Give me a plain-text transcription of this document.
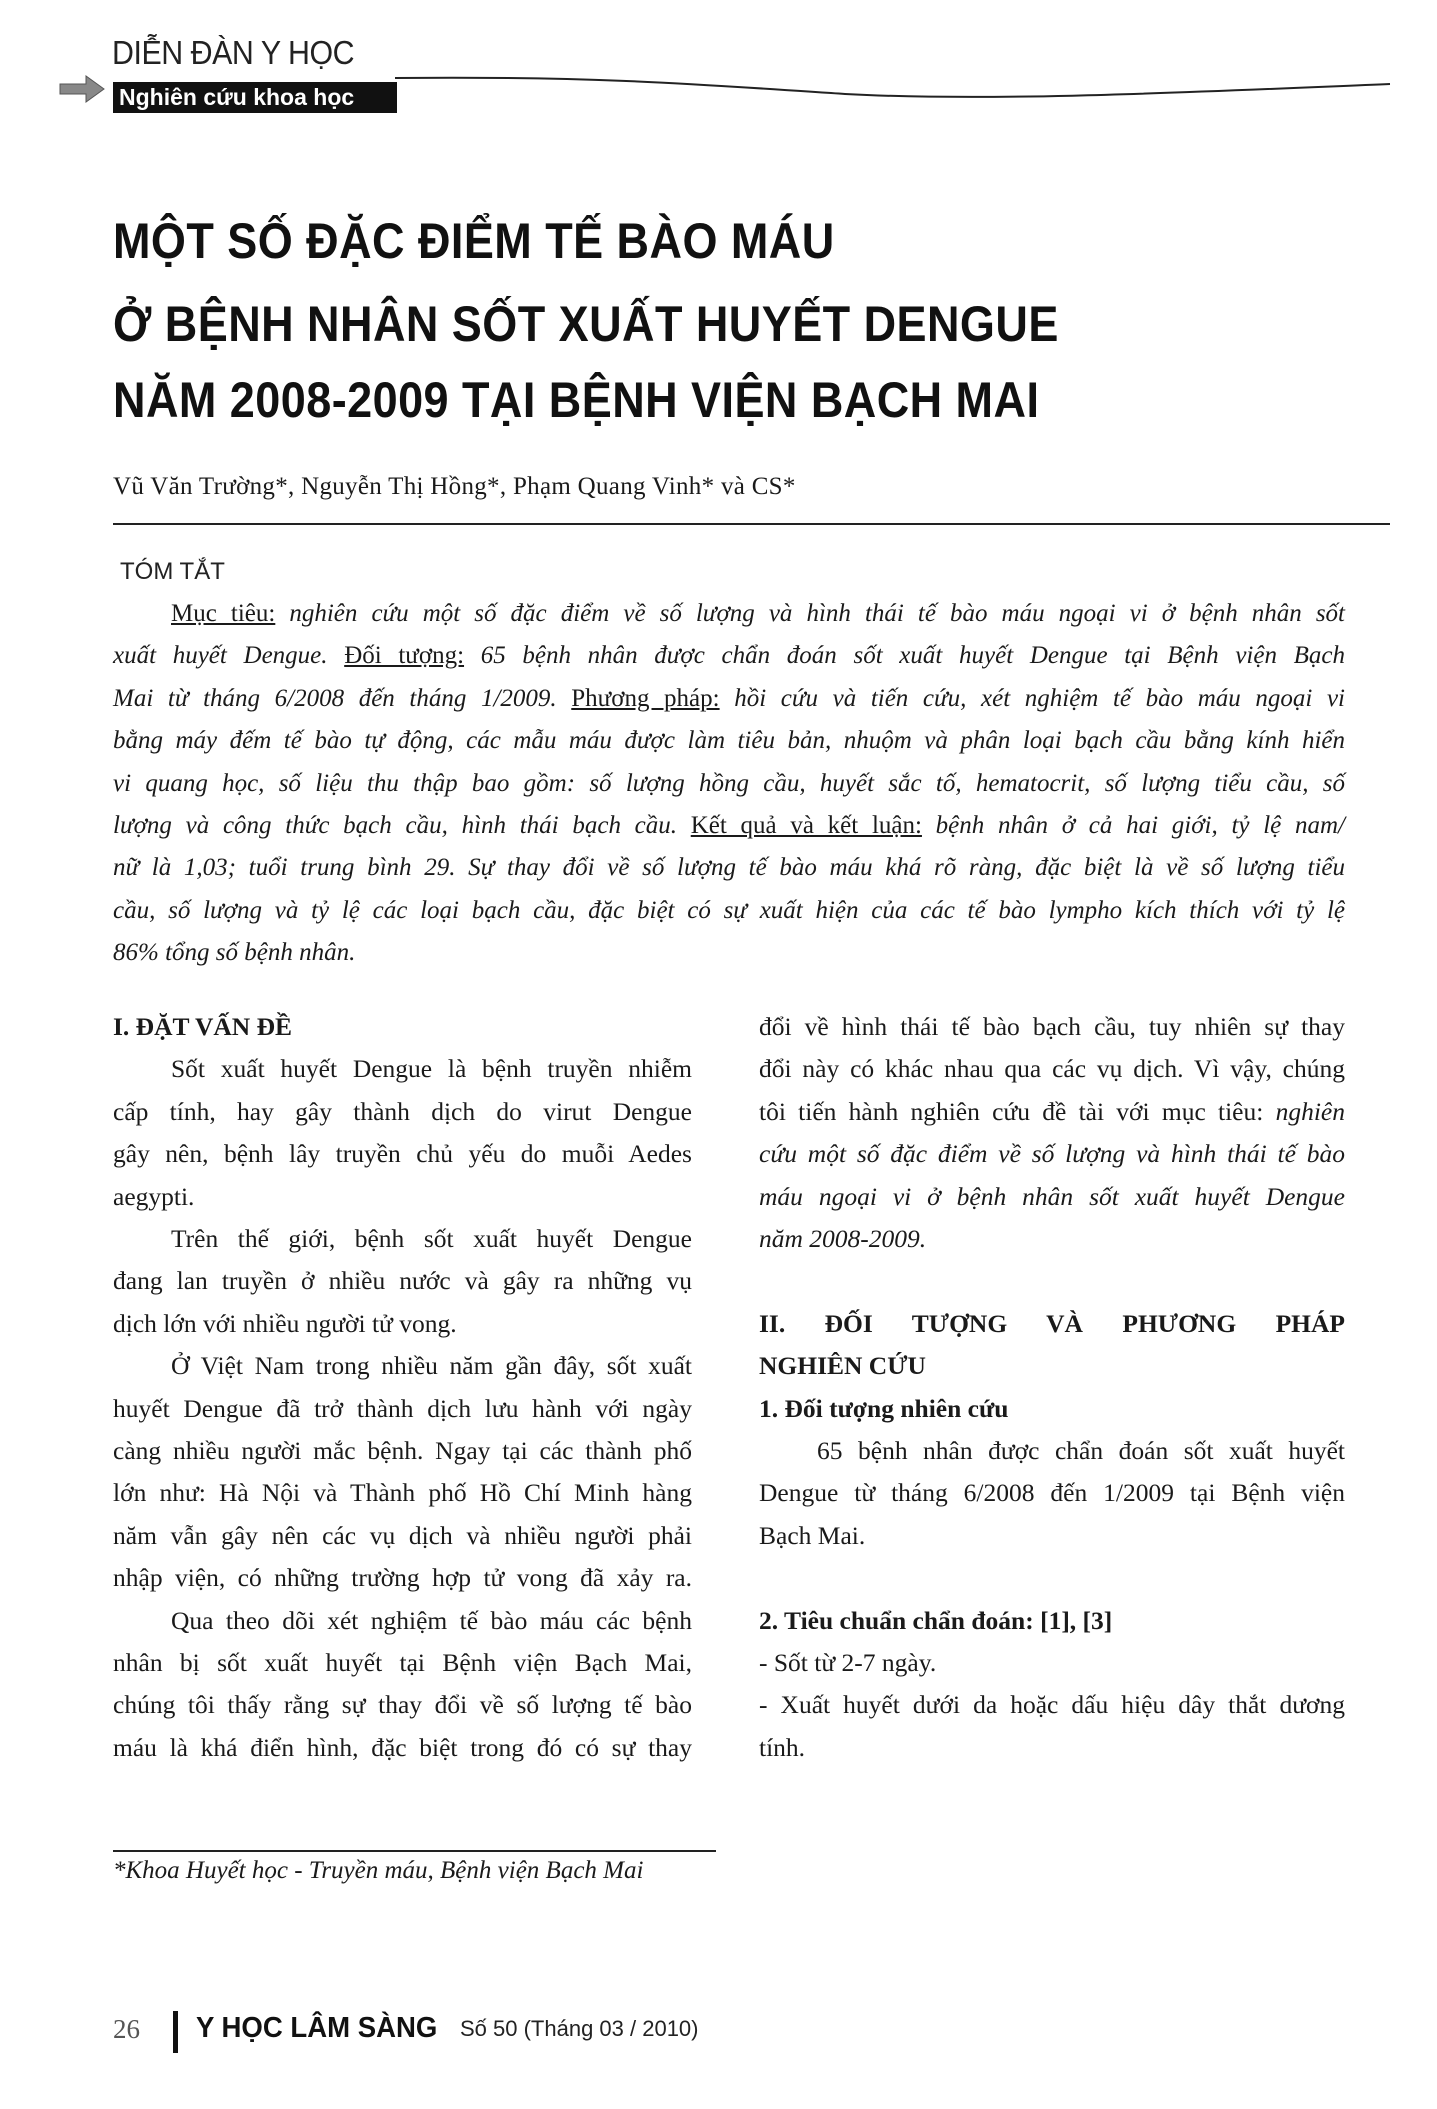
DIỄN ĐÀN Y HỌC
Nghiên cứu khoa học
MỘT SỐ ĐẶC ĐIỂM TẾ BÀO MÁU
Ở BỆNH NHÂN SỐT XUẤT HUYẾT DENGUE
NĂM 2008-2009 TẠI BỆNH VIỆN BẠCH MAI
Vũ Văn Trường*, Nguyễn Thị Hồng*, Phạm Quang Vinh* và CS*
TÓM TẮT
Mục tiêu: nghiên cứu một số đặc điểm về số lượng và hình thái tế bào máu ngoại vi ở bệnh nhân sốt
xuất huyết Dengue. Đối tượng: 65 bệnh nhân được chẩn đoán sốt xuất huyết Dengue tại Bệnh viện Bạch
Mai từ tháng 6/2008 đến tháng 1/2009. Phương pháp: hồi cứu và tiến cứu, xét nghiệm tế bào máu ngoại vi
bằng máy đếm tế bào tự động, các mẫu máu được làm tiêu bản, nhuộm và phân loại bạch cầu bằng kính hiển
vi quang học, số liệu thu thập bao gồm: số lượng hồng cầu, huyết sắc tố, hematocrit, số lượng tiểu cầu, số
lượng và công thức bạch cầu, hình thái bạch cầu. Kết quả và kết luận: bệnh nhân ở cả hai giới, tỷ lệ nam/
nữ là 1,03; tuổi trung bình 29. Sự thay đổi về số lượng tế bào máu khá rõ ràng, đặc biệt là về số lượng tiểu
cầu, số lượng và tỷ lệ các loại bạch cầu, đặc biệt có sự xuất hiện của các tế bào lympho kích thích với tỷ lệ
86% tổng số bệnh nhân.
I. ĐẶT VẤN ĐỀ
Sốt xuất huyết Dengue là bệnh truyền nhiễm
cấp tính, hay gây thành dịch do virut Dengue
gây nên, bệnh lây truyền chủ yếu do muỗi Aedes
aegypti.
Trên thế giới, bệnh sốt xuất huyết Dengue
đang lan truyền ở nhiều nước và gây ra những vụ
dịch lớn với nhiều người tử vong.
Ở Việt Nam trong nhiều năm gần đây, sốt xuất
huyết Dengue đã trở thành dịch lưu hành với ngày
càng nhiều người mắc bệnh. Ngay tại các thành phố
lớn như: Hà Nội và Thành phố Hồ Chí Minh hàng
năm vẫn gây nên các vụ dịch và nhiều người phải
nhập viện, có những trường hợp tử vong đã xảy ra.
Qua theo dõi xét nghiệm tế bào máu các bệnh
nhân bị sốt xuất huyết tại Bệnh viện Bạch Mai,
chúng tôi thấy rằng sự thay đổi về số lượng tế bào
máu là khá điển hình, đặc biệt trong đó có sự thay
đổi về hình thái tế bào bạch cầu, tuy nhiên sự thay
đổi này có khác nhau qua các vụ dịch. Vì vậy, chúng
tôi tiến hành nghiên cứu đề tài với mục tiêu: nghiên
cứu một số đặc điểm về số lượng và hình thái tế bào
máu ngoại vi ở bệnh nhân sốt xuất huyết Dengue
năm 2008-2009.
II. ĐỐI TƯỢNG VÀ PHƯƠNG PHÁP
NGHIÊN CỨU
1. Đối tượng nhiên cứu
65 bệnh nhân được chẩn đoán sốt xuất huyết
Dengue từ tháng 6/2008 đến 1/2009 tại Bệnh viện
Bạch Mai.
2. Tiêu chuẩn chẩn đoán: [1], [3]
- Sốt từ 2-7 ngày.
- Xuất huyết dưới da hoặc dấu hiệu dây thắt dương
tính.
*Khoa Huyết học - Truyền máu, Bệnh viện Bạch Mai
26 Y HỌC LÂM SÀNG Số 50 (Tháng 03 / 2010)
